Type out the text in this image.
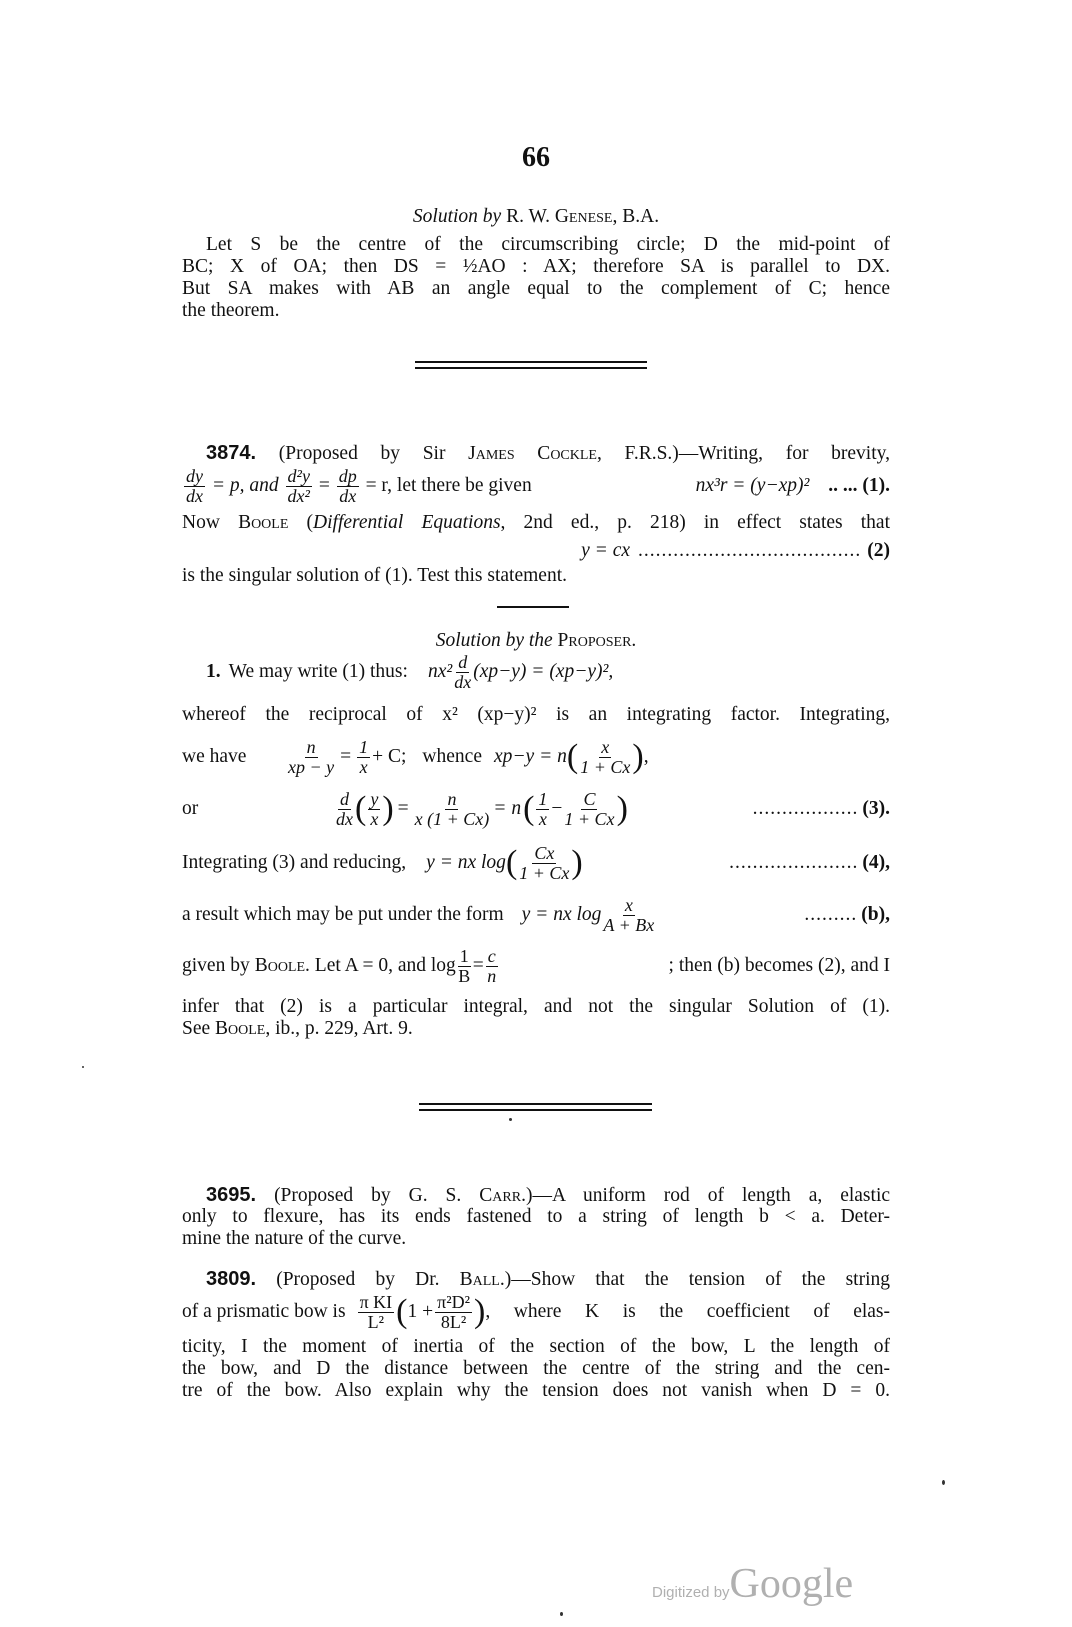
66
Solution by R. W. Genese, B.A.
Let S be the centre of the circumscribing circle; D the mid-point of
BC; X of OA; then DS = ½AO : AX; therefore SA is parallel to DX.
But SA makes with AB an angle equal to the complement of C; hence
the theorem.
3874. (Proposed by Sir James Cockle, F.R.S.)—Writing, for brevity,
$\frac{dy}{dx} = p$, and $\frac{\text{d²y}}{\text{dx²}} = \frac{dp}{dx} = r$, let there be given	nx³r = (y−xp)² .. ... (1).
Now Boole (Differential Equations, 2nd ed., p. 218) in effect states that
y = cx ...................................... (2)
is the singular solution of (1). Test this statement.
Solution by the Proposer.
1. We may write (1) thus: $nx^2 \frac{d}{dx} (xp-y) = (xp-y)^2$,
whereof the reciprocal of x² (xp−y)² is an integrating factor. Integrating,
we have	$\frac{n}{xp - y} = \frac{1}{x} + C$; whence xp−y = n ( $\frac{x}{1 + Cx}$ ) ,
or	$\frac{d}{dx}$ ( $\frac{y}{x}$ ) = $\frac{n}{x (1 + Cx)} = n$ ( $\frac{1}{x} - \frac{C}{1 + Cx}$ )	.................. (3).
Integrating (3) and reducing, y = nx log ( $\frac{Cx}{1 + Cx}$ )	...................... (4),
a result which may be put under the form y = nx $\log \frac{x}{A + Bx}$	......... (b),
given by Boole . Let A = 0, and $\log \frac{1}{B} = \frac{c}{n}$	; then (b) becomes (2), and I
infer that (2) is a particular integral, and not the singular Solution of (1).
See Boole, ib., p. 229, Art. 9.
3695. (Proposed by G. S. Carr.)—A uniform rod of length a, elastic
only to flexure, has its ends fastened to a string of length b < a. Deter-
mine the nature of the curve.
3809. (Proposed by Dr. Ball.)—Show that the tension of the string
of a prismatic bow is $\frac{\text{π KI}}{\text{L²}}$ ( $1 + \frac{\text{π²D²}}{\text{8L²}}$ ) , where K is the coefficient of elas-
ticity, I the moment of inertia of the section of the bow, L the length of
the bow, and D the distance between the centre of the string and the cen-
tre of the bow. Also explain why the tension does not vanish when D = 0.
Digitized byGoogle
